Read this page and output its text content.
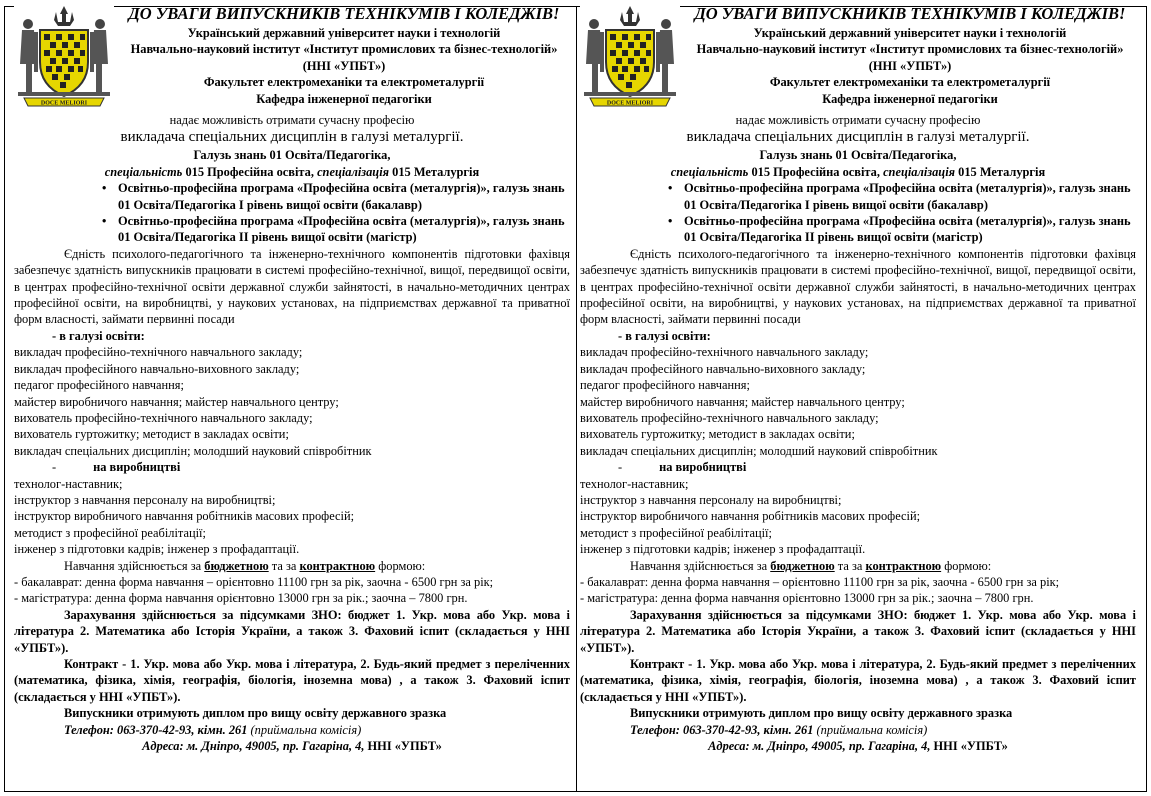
DOCE MELIORI
ДО УВАГИ ВИПУСКНИКІВ ТЕХНІКУМІВ І КОЛЕДЖІВ!
Український державний університет науки і технологій
Навчально-науковий інститут «Інститут промислових та бізнес-технологій» (ННІ «УПБТ»)
Факультет електромеханіки та електрометалургії
Кафедра інженерної педагогіки
надає можливість отримати сучасну професію
викладача спеціальних дисциплін в галузі металургії.
Галузь знань 01 Освіта/Педагогіка,
спеціальність 015 Професійна освіта, спеціалізація 015 Металургія
• Освітньо-професійна програма «Професійна освіта (металургія)», галузь знань 01 Освіта/Педагогіка І рівень вищої освіти (бакалавр)
• Освітньо-професійна програма «Професійна освіта (металургія)», галузь знань 01 Освіта/Педагогіка ІІ рівень вищої освіти (магістр)
Єдність психолого-педагогічного та інженерно-технічного компонентів підготовки фахівця забезпечує здатність випускників працювати в системі професійно-технічної, вищої, передвищої освіти, в центрах професійно-технічної освіти державної служби зайнятості, в начально-методичних центрах професійної освіти, на виробництві, у наукових установах, на підприємствах державної та приватної форм власності, займати первинні посади
- в галузі освіти:
викладач професійно-технічного навчального закладу;
викладач професійного навчально-виховного закладу;
педагог професійного навчання;
майстер виробничого навчання; майстер навчального центру;
вихователь професійно-технічного навчального закладу;
вихователь гуртожитку; методист в закладах освіти;
викладач спеціальних дисциплін; молодший науковий співробітник
-	на виробництві
технолог-наставник;
інструктор з навчання персоналу на виробництві;
інструктор виробничого навчання робітників масових професій;
методист з професійної реабілітації;
інженер з підготовки кадрів; інженер з профадаптації.
Навчання здійснюється за бюджетною та за контрактною формою:
- бакалаврат: денна форма навчання – орієнтовно 11100 грн за рік, заочна - 6500 грн за рік;
- магістратура: денна форма навчання орієнтовно 13000 грн за рік.; заочна – 7800 грн.
Зарахування здійснюється за підсумками ЗНО: бюджет 1. Укр. мова або Укр. мова і література 2. Математика або Історія України, а також 3. Фаховий іспит (складається у ННІ «УПБТ»).
Контракт - 1. Укр. мова або Укр. мова і література, 2. Будь-який предмет з переліченних (математика, фізика, хімія, географія, біологія, іноземна мова) , а також 3. Фаховий іспит (складається у ННІ «УПБТ»).
Випускники отримують диплом про вищу освіту державного зразка
Телефон: 063-370-42-93, кімн. 261 (приймальна комісія)
Адреса: м. Дніпро, 49005, пр. Гагаріна, 4, ННІ «УПБТ»
DOCE MELIORI
ДО УВАГИ ВИПУСКНИКІВ ТЕХНІКУМІВ І КОЛЕДЖІВ!
Український державний університет науки і технологій
Навчально-науковий інститут «Інститут промислових та бізнес-технологій» (ННІ «УПБТ»)
Факультет електромеханіки та електрометалургії
Кафедра інженерної педагогіки
надає можливість отримати сучасну професію
викладача спеціальних дисциплін в галузі металургії.
Галузь знань 01 Освіта/Педагогіка,
спеціальність 015 Професійна освіта, спеціалізація 015 Металургія
• Освітньо-професійна програма «Професійна освіта (металургія)», галузь знань 01 Освіта/Педагогіка І рівень вищої освіти (бакалавр)
• Освітньо-професійна програма «Професійна освіта (металургія)», галузь знань 01 Освіта/Педагогіка ІІ рівень вищої освіти (магістр)
Єдність психолого-педагогічного та інженерно-технічного компонентів підготовки фахівця забезпечує здатність випускників працювати в системі професійно-технічної, вищої, передвищої освіти, в центрах професійно-технічної освіти державної служби зайнятості, в начально-методичних центрах професійної освіти, на виробництві, у наукових установах, на підприємствах державної та приватної форм власності, займати первинні посади
- в галузі освіти:
викладач професійно-технічного навчального закладу;
викладач професійного навчально-виховного закладу;
педагог професійного навчання;
майстер виробничого навчання; майстер навчального центру;
вихователь професійно-технічного навчального закладу;
вихователь гуртожитку; методист в закладах освіти;
викладач спеціальних дисциплін; молодший науковий співробітник
-	на виробництві
технолог-наставник;
інструктор з навчання персоналу на виробництві;
інструктор виробничого навчання робітників масових професій;
методист з професійної реабілітації;
інженер з підготовки кадрів; інженер з профадаптації.
Навчання здійснюється за бюджетною та за контрактною формою:
- бакалаврат: денна форма навчання – орієнтовно 11100 грн за рік, заочна - 6500 грн за рік;
- магістратура: денна форма навчання орієнтовно 13000 грн за рік.; заочна – 7800 грн.
Зарахування здійснюється за підсумками ЗНО: бюджет 1. Укр. мова або Укр. мова і література 2. Математика або Історія України, а також 3. Фаховий іспит (складається у ННІ «УПБТ»).
Контракт - 1. Укр. мова або Укр. мова і література, 2. Будь-який предмет з переліченних (математика, фізика, хімія, географія, біологія, іноземна мова) , а також 3. Фаховий іспит (складається у ННІ «УПБТ»).
Випускники отримують диплом про вищу освіту державного зразка
Телефон: 063-370-42-93, кімн. 261 (приймальна комісія)
Адреса: м. Дніпро, 49005, пр. Гагаріна, 4, ННІ «УПБТ»
